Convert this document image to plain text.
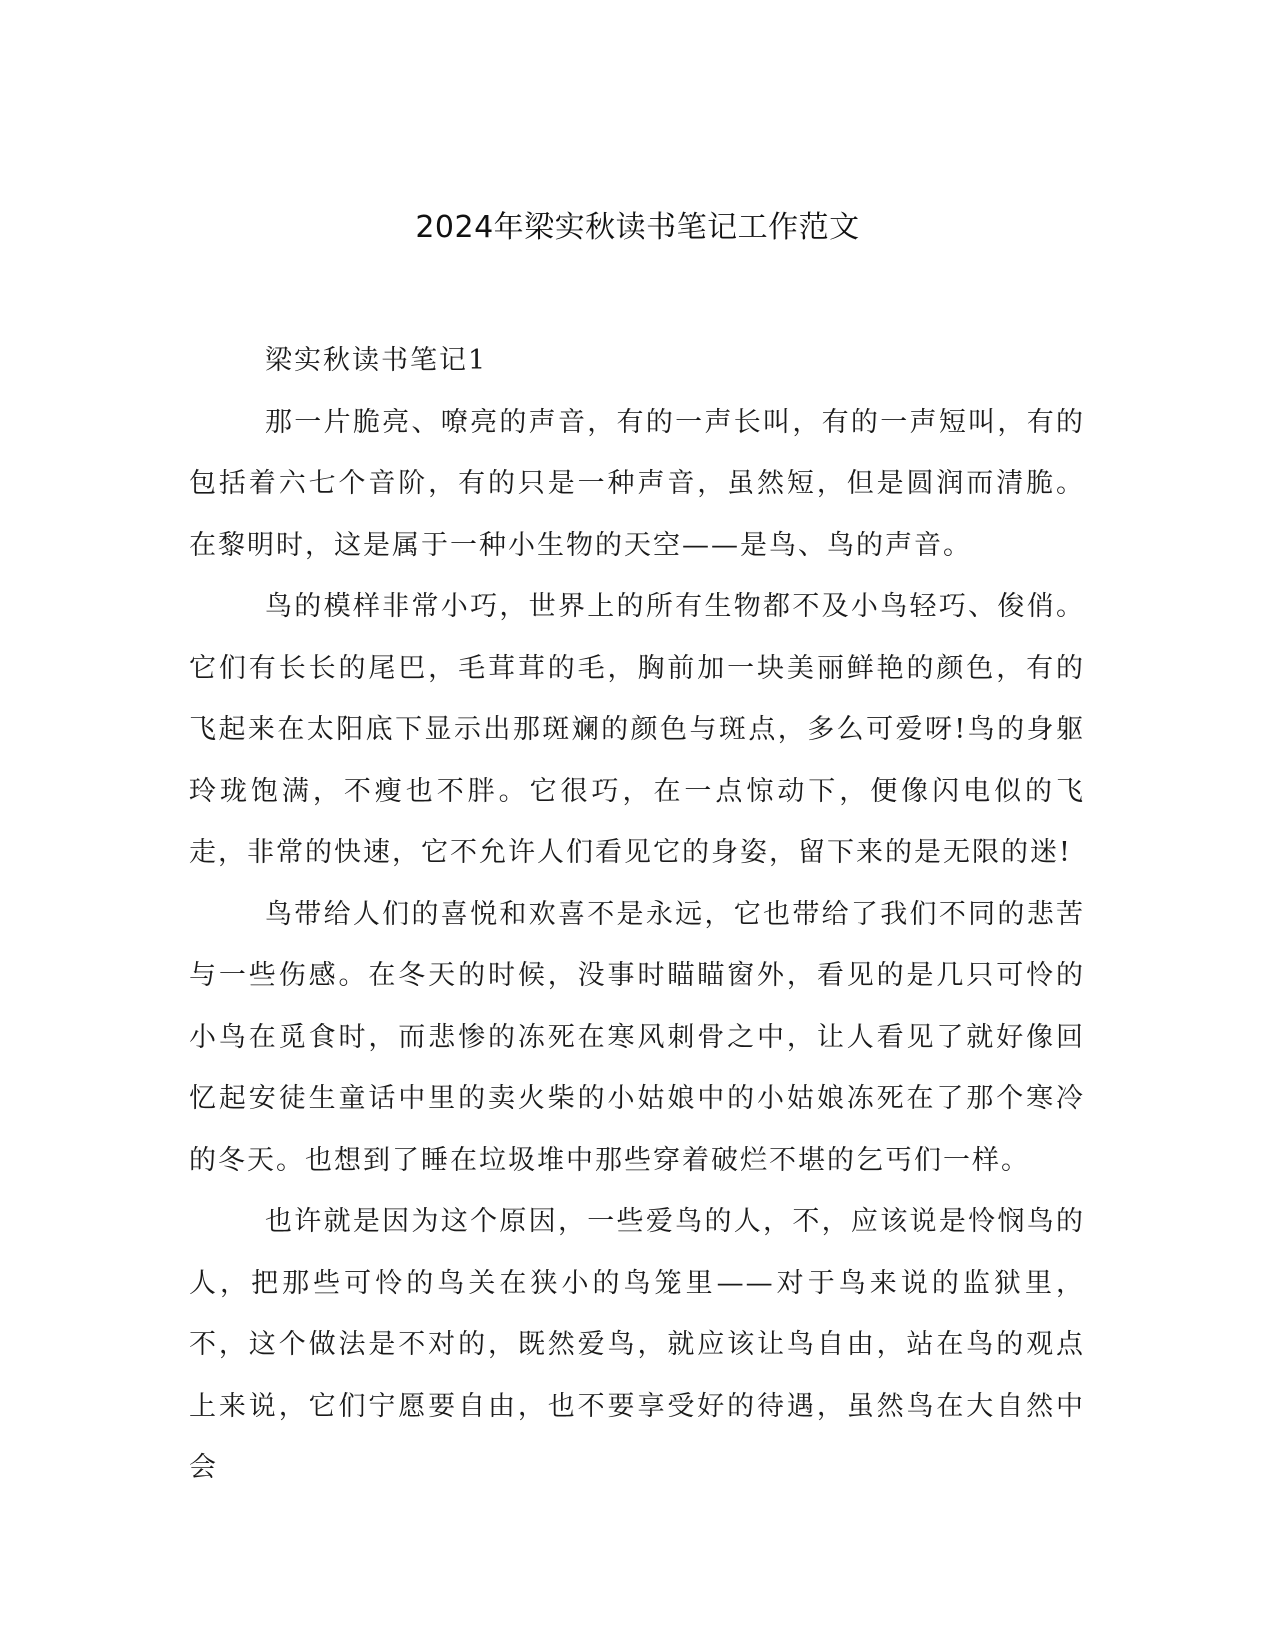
2024年梁实秋读书笔记工作范文

梁实秋读书笔记1

那一片脆亮、嘹亮的声音，有的一声长叫，有的一声短叫，有的包括着六七个音阶，有的只是一种声音，虽然短，但是圆润而清脆。在黎明时，这是属于一种小生物的天空——是鸟、鸟的声音。

鸟的模样非常小巧，世界上的所有生物都不及小鸟轻巧、俊俏。它们有长长的尾巴，毛茸茸的毛，胸前加一块美丽鲜艳的颜色，有的飞起来在太阳底下显示出那斑斓的颜色与斑点，多么可爱呀!鸟的身躯玲珑饱满，不瘦也不胖。它很巧，在一点惊动下，便像闪电似的飞走，非常的快速，它不允许人们看见它的身姿，留下来的是无限的迷!

鸟带给人们的喜悦和欢喜不是永远，它也带给了我们不同的悲苦与一些伤感。在冬天的时候，没事时瞄瞄窗外，看见的是几只可怜的小鸟在觅食时，而悲惨的冻死在寒风刺骨之中，让人看见了就好像回忆起安徒生童话中里的卖火柴的小姑娘中的小姑娘冻死在了那个寒冷的冬天。也想到了睡在垃圾堆中那些穿着破烂不堪的乞丐们一样。

也许就是因为这个原因，一些爱鸟的人，不，应该说是怜悯鸟的人，把那些可怜的鸟关在狭小的鸟笼里——对于鸟来说的监狱里，不，这个做法是不对的，既然爱鸟，就应该让鸟自由，站在鸟的观点上来说，它们宁愿要自由，也不要享受好的待遇，虽然鸟在大自然中会
